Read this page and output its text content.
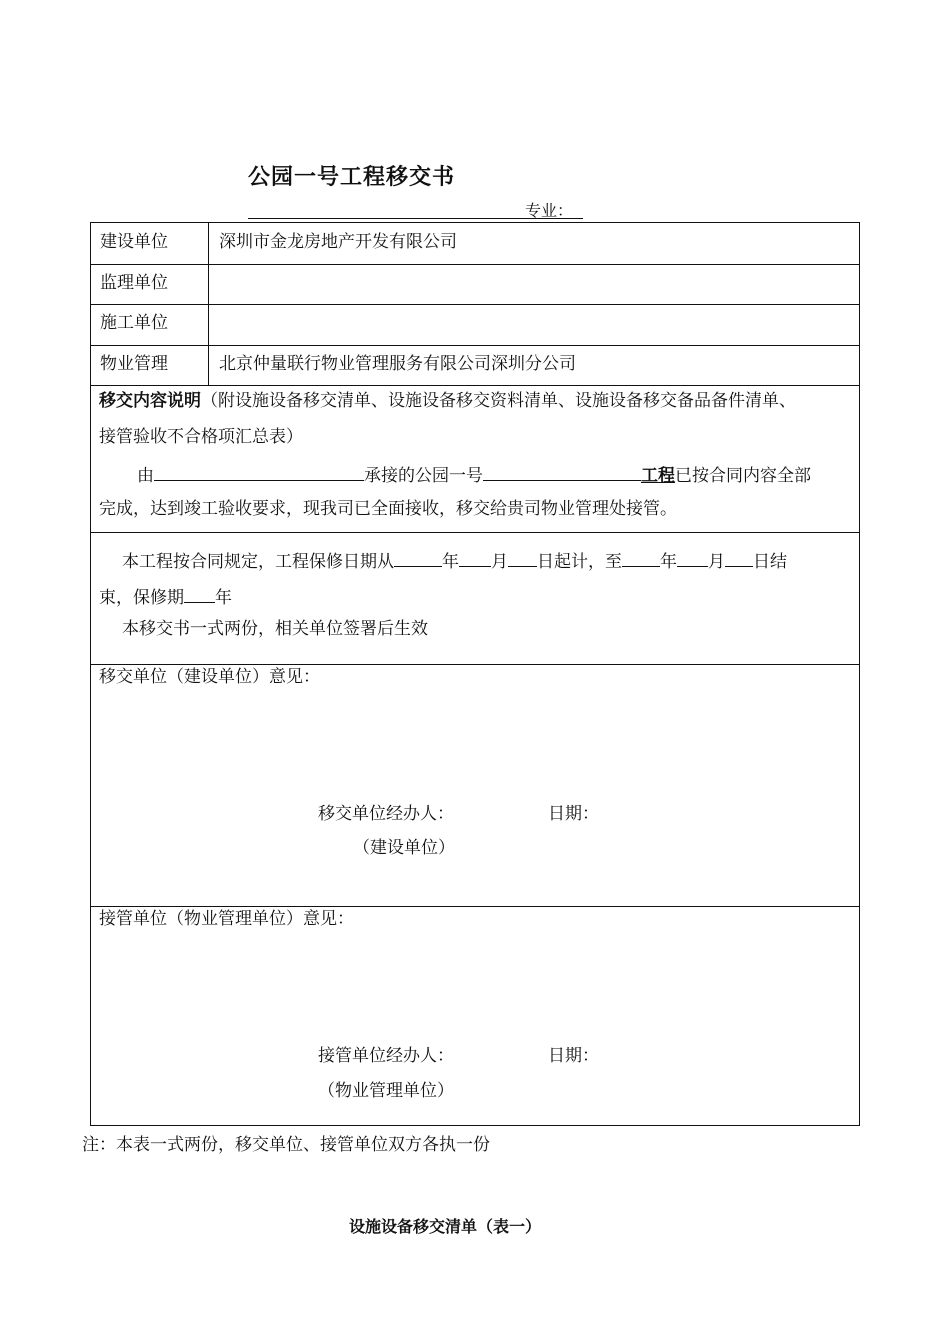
公园一号工程移交书
专业：
建设单位	深圳市金龙房地产开发有限公司
监理单位
施工单位
物业管理	北京仲量联行物业管理服务有限公司深圳分公司
移交内容说明（附设施设备移交清单、设施设备移交资料清单、设施设备移交备品备件清单、
接管验收不合格项汇总表）
由	承接的公园一号	工程已按合同内容全部
完成，达到竣工验收要求，现我司已全面接收，移交给贵司物业管理处接管。
本工程按合同规定，工程保修日期从	年 月 日起计，至 年 月 日结
束，保修期 年
本移交书一式两份，相关单位签署后生效
移交单位（建设单位）意见：
移交单位经办人：	日期：
（建设单位）
接管单位（物业管理单位）意见：
接管单位经办人：	日期：
（物业管理单位）
注：本表一式两份，移交单位、接管单位双方各执一份
设施设备移交清单（表一）
